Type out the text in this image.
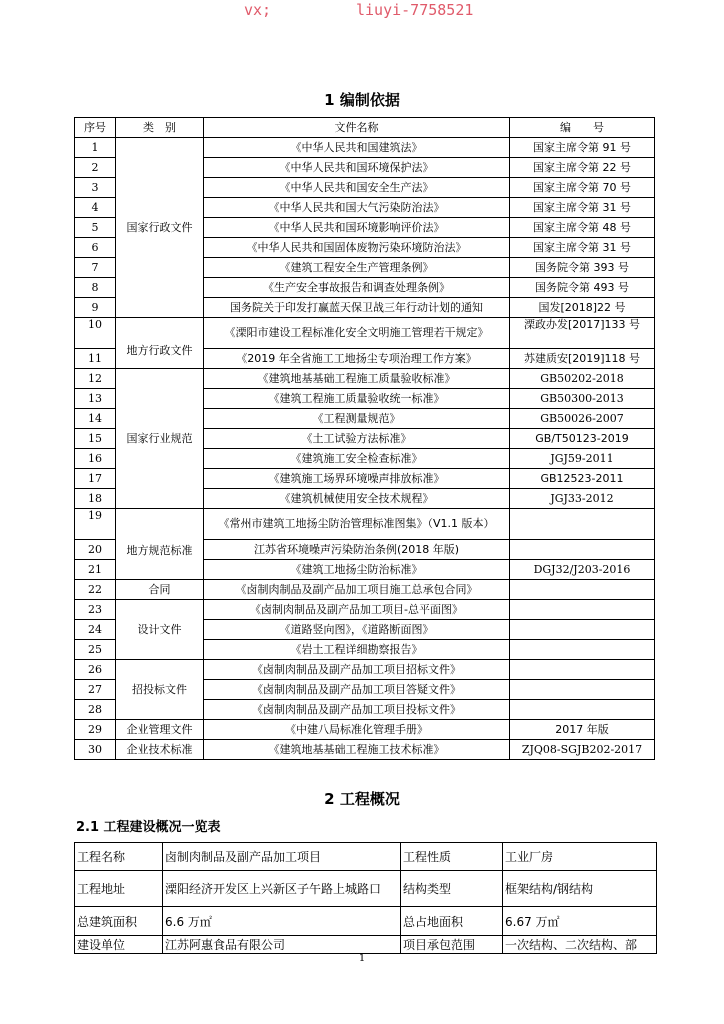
vx;	liuyi-7758521
1 编制依据
序号	类　别	文件名称	编　　号
1	国家行政文件	《中华人民共和国建筑法》	国家主席令第 91 号
2		《中华人民共和国环境保护法》	国家主席令第 22 号
3		《中华人民共和国安全生产法》	国家主席令第 70 号
4		《中华人民共和国大气污染防治法》	国家主席令第 31 号
5		《中华人民共和国环境影响评价法》	国家主席令第 48 号
6		《中华人民共和国固体废物污染环境防治法》	国家主席令第 31 号
7		《建筑工程安全生产管理条例》	国务院令第 393 号
8		《生产安全事故报告和调查处理条例》	国务院令第 493 号
9		国务院关于印发打赢蓝天保卫战三年行动计划的通知	国发[2018]22 号
10	地方行政文件	《溧阳市建设工程标准化安全文明施工管理若干规定》	溧政办发[2017]133 号
11		《2019 年全省施工工地扬尘专项治理工作方案》	苏建质安[2019]118 号
12	国家行业规范	《建筑地基基础工程施工质量验收标准》	GB50202-2018
13		《建筑工程施工质量验收统一标准》	GB50300-2013
14		《工程测量规范》	GB50026-2007
15		《土工试验方法标准》	GB/T50123-2019
16		《建筑施工安全检查标准》	JGJ59-2011
17		《建筑施工场界环境噪声排放标准》	GB12523-2011
18		《建筑机械使用安全技术规程》	JGJ33-2012
19	地方规范标准	《常州市建筑工地扬尘防治管理标准图集》（V1.1 版本）	
20		江苏省环境噪声污染防治条例(2018 年版)	
21		《建筑工地扬尘防治标准》	DGJ32/J203-2016
22	合同	《卤制肉制品及副产品加工项目施工总承包合同》	
23	设计文件	《卤制肉制品及副产品加工项目-总平面图》	
24		《道路竖向图》，《道路断面图》	
25		《岩土工程详细勘察报告》	
26	招投标文件	《卤制肉制品及副产品加工项目招标文件》	
27		《卤制肉制品及副产品加工项目答疑文件》	
28		《卤制肉制品及副产品加工项目投标文件》	
29	企业管理文件	《中建八局标准化管理手册》	2017 年版
30	企业技术标准	《建筑地基基础工程施工技术标准》	ZJQ08-SGJB202-2017
2 工程概况
2.1 工程建设概况一览表
工程名称	卤制肉制品及副产品加工项目	工程性质	工业厂房
工程地址	溧阳经济开发区上兴新区子午路上城路口	结构类型	框架结构/钢结构
总建筑面积	6.6 万㎡	总占地面积	6.67 万㎡
建设单位	江苏阿惠食品有限公司	项目承包范围	一次结构、二次结构、部
1
